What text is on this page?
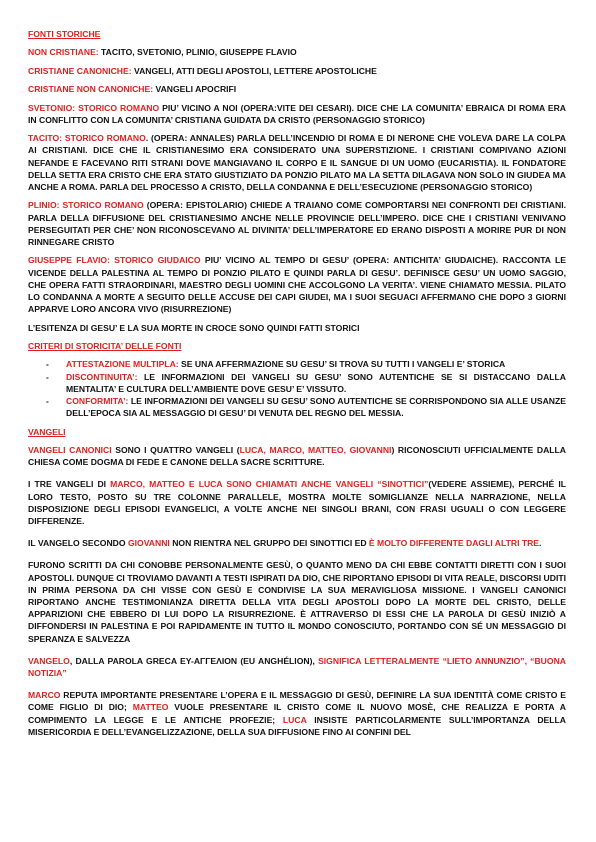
FONTI STORICHE

NON CRISTIANE: TACITO, SVETONIO, PLINIO, GIUSEPPE FLAVIO

CRISTIANE CANONICHE: VANGELI, ATTI DEGLI APOSTOLI, LETTERE APOSTOLICHE

CRISTIANE NON CANONICHE: VANGELI APOCRIFI

SVETONIO: STORICO ROMANO PIU’ VICINO A NOI (OPERA:VITE DEI CESARI). DICE CHE LA COMUNITA’ EBRAICA DI ROMA ERA IN CONFLITTO CON LA COMUNITA’ CRISTIANA GUIDATA DA CRISTO (PERSONAGGIO STORICO)

TACITO: STORICO ROMANO. (OPERA: ANNALES) PARLA DELL’INCENDIO DI ROMA E DI NERONE CHE VOLEVA DARE LA COLPA AI CRISTIANI. DICE CHE IL CRISTIANESIMO ERA CONSIDERATO UNA SUPERSTIZIONE. I CRISTIANI COMPIVANO AZIONI NEFANDE E FACEVANO RITI STRANI DOVE MANGIAVANO IL CORPO E IL SANGUE DI UN UOMO (EUCARISTIA). IL FONDATORE DELLA SETTA ERA CRISTO CHE ERA STATO GIUSTIZIATO DA PONZIO PILATO MA LA SETTA DILAGAVA NON SOLO IN GIUDEA MA ANCHE A ROMA. PARLA DEL PROCESSO A CRISTO, DELLA CONDANNA E DELL’ESECUZIONE (PERSONAGGIO STORICO)

PLINIO: STORICO ROMANO (OPERA: EPISTOLARIO) CHIEDE A TRAIANO COME COMPORTARSI NEI CONFRONTI DEI CRISTIANI. PARLA DELLA DIFFUSIONE DEL CRISTIANESIMO ANCHE NELLE PROVINCIE DELL’IMPERO. DICE CHE I CRISTIANI VENIVANO PERSEGUITATI PER CHE’ NON RICONOSCEVANO AL DIVINITA’ DELL’IMPERATORE ED ERANO DISPOSTI A MORIRE PUR DI NON RINNEGARE CRISTO

GIUSEPPE FLAVIO: STORICO GIUDAICO PIU’ VICINO AL TEMPO DI GESU’ (OPERA: ANTICHITA’ GIUDAICHE). RACCONTA LE VICENDE DELLA PALESTINA AL TEMPO DI PONZIO PILATO E QUINDI PARLA DI GESU’. DEFINISCE GESU’ UN UOMO SAGGIO, CHE OPERA FATTI STRAORDINARI, MAESTRO DEGLI UOMINI CHE ACCOLGONO LA VERITA’. VIENE CHIAMATO MESSIA. PILATO LO CONDANNA A MORTE A SEGUITO DELLE ACCUSE DEI CAPI GIUDEI, MA I SUOI SEGUACI AFFERMANO CHE DOPO 3 GIORNI APPARVE LORO ANCORA VIVO (RISURREZIONE)

L’ESITENZA DI GESU’ E LA SUA MORTE IN CROCE SONO QUINDI FATTI STORICI

CRITERI DI STORICITA’ DELLE FONTI

- ATTESTAZIONE MULTIPLA: SE UNA AFFERMAZIONE SU GESU’ SI TROVA SU TUTTI I VANGELI E’ STORICA
- DISCONTINUITA’: LE INFORMAZIONI DEI VANGELI SU GESU’ SONO AUTENTICHE SE SI DISTACCANO DALLA MENTALITA’ E CULTURA DELL’AMBIENTE DOVE GESU’ E’ VISSUTO.
- CONFORMITA’: LE INFORMAZIONI DEI VANGELI SU GESU’ SONO AUTENTICHE SE CORRISPONDONO SIA ALLE USANZE DELL’EPOCA SIA AL MESSAGGIO DI GESU’ DI VENUTA DEL REGNO DEL MESSIA.

VANGELI

VANGELI CANONICI SONO I QUATTRO VANGELI (LUCA, MARCO, MATTEO, GIOVANNI) RICONOSCIUTI UFFICIALMENTE DALLA CHIESA COME DOGMA DI FEDE E CANONE DELLA SACRE SCRITTURE.

I TRE VANGELI DI MARCO, MATTEO E LUCA SONO CHIAMATI ANCHE VANGELI “SINOTTICI”(VEDERE ASSIEME), PERCHÉ IL LORO TESTO, POSTO SU TRE COLONNE PARALLELE, MOSTRA MOLTE SOMIGLIANZE NELLA NARRAZIONE, NELLA DISPOSIZIONE DEGLI EPISODI EVANGELICI, A VOLTE ANCHE NEI SINGOLI BRANI, CON FRASI UGUALI O CON LEGGERE DIFFERENZE.

IL VANGELO SECONDO GIOVANNI NON RIENTRA NEL GRUPPO DEI SINOTTICI ED È MOLTO DIFFERENTE DAGLI ALTRI TRE.

FURONO SCRITTI DA CHI CONOBBE PERSONALMENTE GESÙ, O QUANTO MENO DA CHI EBBE CONTATTI DIRETTI CON I SUOI APOSTOLI. DUNQUE CI TROVIAMO DAVANTI A TESTI ISPIRATI DA DIO, CHE RIPORTANO EPISODI DI VITA REALE, DISCORSI UDITI IN PRIMA PERSONA DA CHI VISSE CON GESÙ E CONDIVISE LA SUA MERAVIGLIOSA MISSIONE. I VANGELI CANONICI RIPORTANO ANCHE TESTIMONIANZA DIRETTA DELLA VITA DEGLI APOSTOLI DOPO LA MORTE DEL CRISTO, DELLE APPARIZIONI CHE EBBERO DI LUI DOPO LA RISURREZIONE. È ATTRAVERSO DI ESSI CHE LA PAROLA DI GESÙ INIZIÒ A DIFFONDERSI IN PALESTINA E POI RAPIDAMENTE IN TUTTO IL MONDO CONOSCIUTO, PORTANDO CON SÉ UN MESSAGGIO DI SPERANZA E SALVEZZA

VANGELO, DALLA PAROLA GRECA ΕΥ-ΑΓΓΕΛΙΟΝ (EU ANGHÉLION), SIGNIFICA LETTERALMENTE “LIETO ANNUNZIO”, “BUONA NOTIZIA”

MARCO REPUTA IMPORTANTE PRESENTARE L’OPERA E IL MESSAGGIO DI GESÙ, DEFINIRE LA SUA IDENTITÀ COME CRISTO E COME FIGLIO DI DIO; MATTEO VUOLE PRESENTARE IL CRISTO COME IL NUOVO MOSÈ, CHE REALIZZA E PORTA A COMPIMENTO LA LEGGE E LE ANTICHE PROFEZIE; LUCA INSISTE PARTICOLARMENTE SULL’IMPORTANZA DELLA MISERICORDIA E DELL’EVANGELIZZAZIONE, DELLA SUA DIFFUSIONE FINO AI CONFINI DEL
